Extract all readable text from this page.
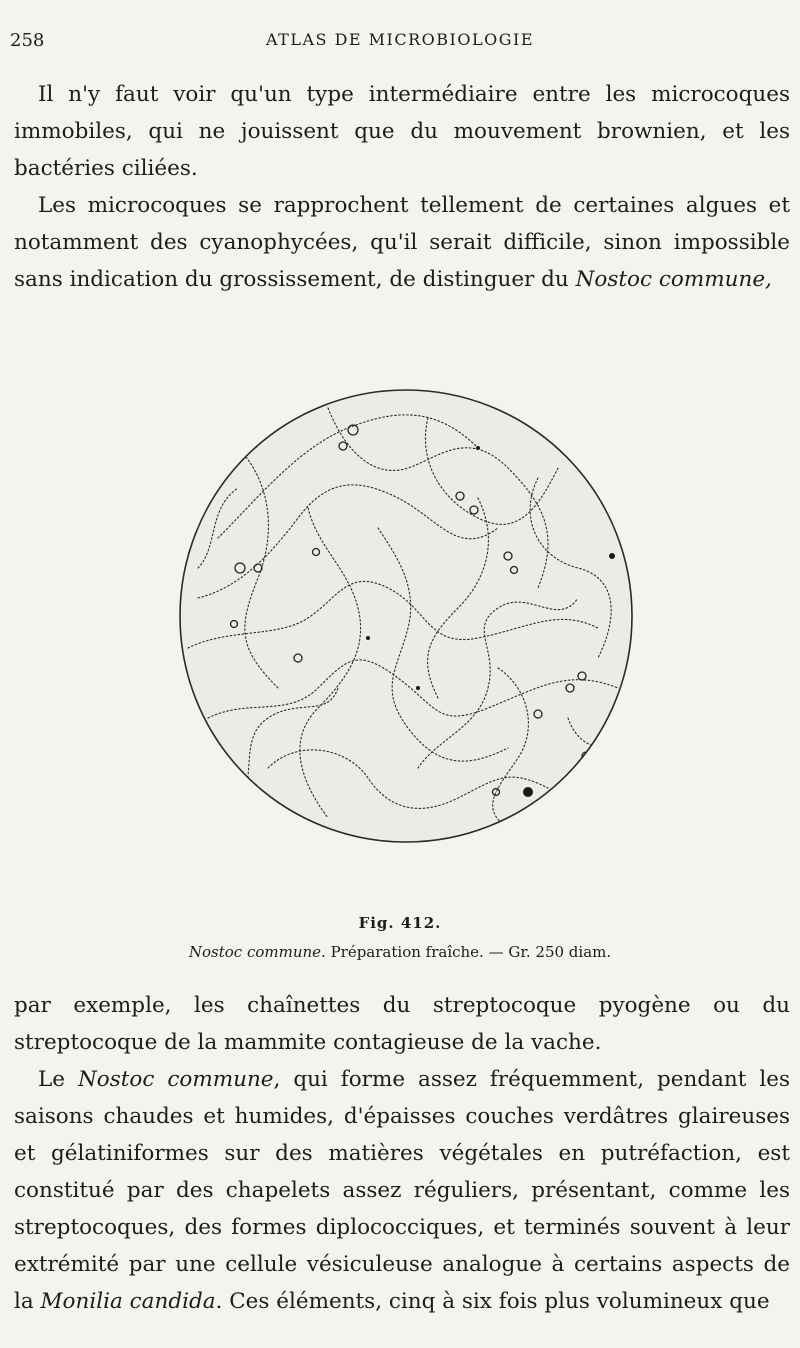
258	ATLAS DE MICROBIOLOGIE

Il n'y faut voir qu'un type intermédiaire entre les microcoques immobiles, qui ne jouissent que du mouvement brownien, et les bactéries ciliées.

Les microcoques se rapprochent tellement de certaines algues et notamment des cyanophycées, qu'il serait difficile, sinon impossible sans indication du grossissement, de distinguer du Nostoc commune,

Fig. 412.
Nostoc commune. Préparation fraîche. — Gr. 250 diam.

par exemple, les chaînettes du streptocoque pyogène ou du streptocoque de la mammite contagieuse de la vache.

Le Nostoc commune, qui forme assez fréquemment, pendant les saisons chaudes et humides, d'épaisses couches verdâtres glaireuses et gélatiniformes sur des matières végétales en putréfaction, est constitué par des chapelets assez réguliers, présentant, comme les streptocoques, des formes diplococciques, et terminés souvent à leur extrémité par une cellule vésiculeuse analogue à certains aspects de la Monilia candida. Ces éléments, cinq à six fois plus volumineux que
